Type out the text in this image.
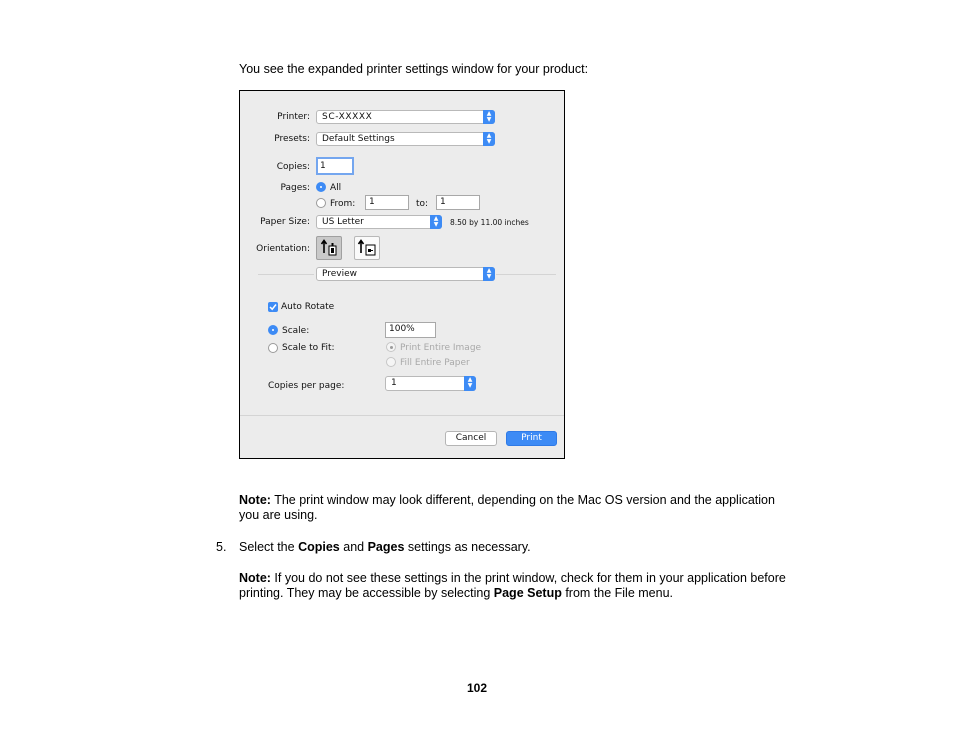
You see the expanded printer settings window for your product:
Printer:	SC-XXXXX	▲
▼
Presets:	Default Settings	▲
▼
Copies:	1
Pages: All
From:	1	to:	1
Paper Size:	US Letter	▲
▼	8.50 by 11.00 inches
Orientation:
Preview	▲
▼
Auto Rotate
Scale:	100%
Scale to Fit:	Print Entire Image
Fill Entire Paper
Copies per page:	1	▲
▼
Cancel	Print
Note: The print window may look different, depending on the Mac OS version and the application
you are using.
5. Select the Copies and Pages settings as necessary.
Note: If you do not see these settings in the print window, check for them in your application before
printing. They may be accessible by selecting Page Setup from the File menu.
102
